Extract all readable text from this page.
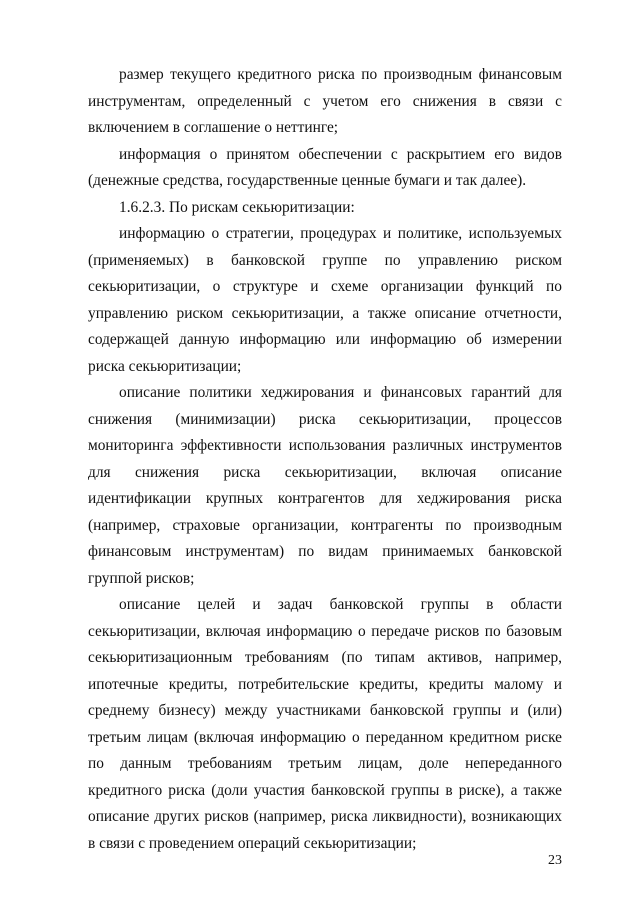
размер текущего кредитного риска по производным финансовым инструментам, определенный с учетом его снижения в связи с включением в соглашение о неттинге;

информация о принятом обеспечении с раскрытием его видов (денежные средства, государственные ценные бумаги и так далее).

1.6.2.3. По рискам секьюритизации:

информацию о стратегии, процедурах и политике, используемых (применяемых) в банковской группе по управлению риском секьюритизации, о структуре и схеме организации функций по управлению риском секьюритизации, а также описание отчетности, содержащей данную информацию или информацию об измерении риска секьюритизации;

описание политики хеджирования и финансовых гарантий для снижения (минимизации) риска секьюритизации, процессов мониторинга эффективности использования различных инструментов для снижения риска секьюритизации, включая описание идентификации крупных контрагентов для хеджирования риска (например, страховые организации, контрагенты по производным финансовым инструментам) по видам принимаемых банковской группой рисков;

описание целей и задач банковской группы в области секьюритизации, включая информацию о передаче рисков по базовым секьюритизационным требованиям (по типам активов, например, ипотечные кредиты, потребительские кредиты, кредиты малому и среднему бизнесу) между участниками банковской группы и (или) третьим лицам (включая информацию о переданном кредитном риске по данным требованиям третьим лицам, доле непереданного кредитного риска (доли участия банковской группы в риске), а также описание других рисков (например, риска ликвидности), возникающих в связи с проведением операций секьюритизации;

23
